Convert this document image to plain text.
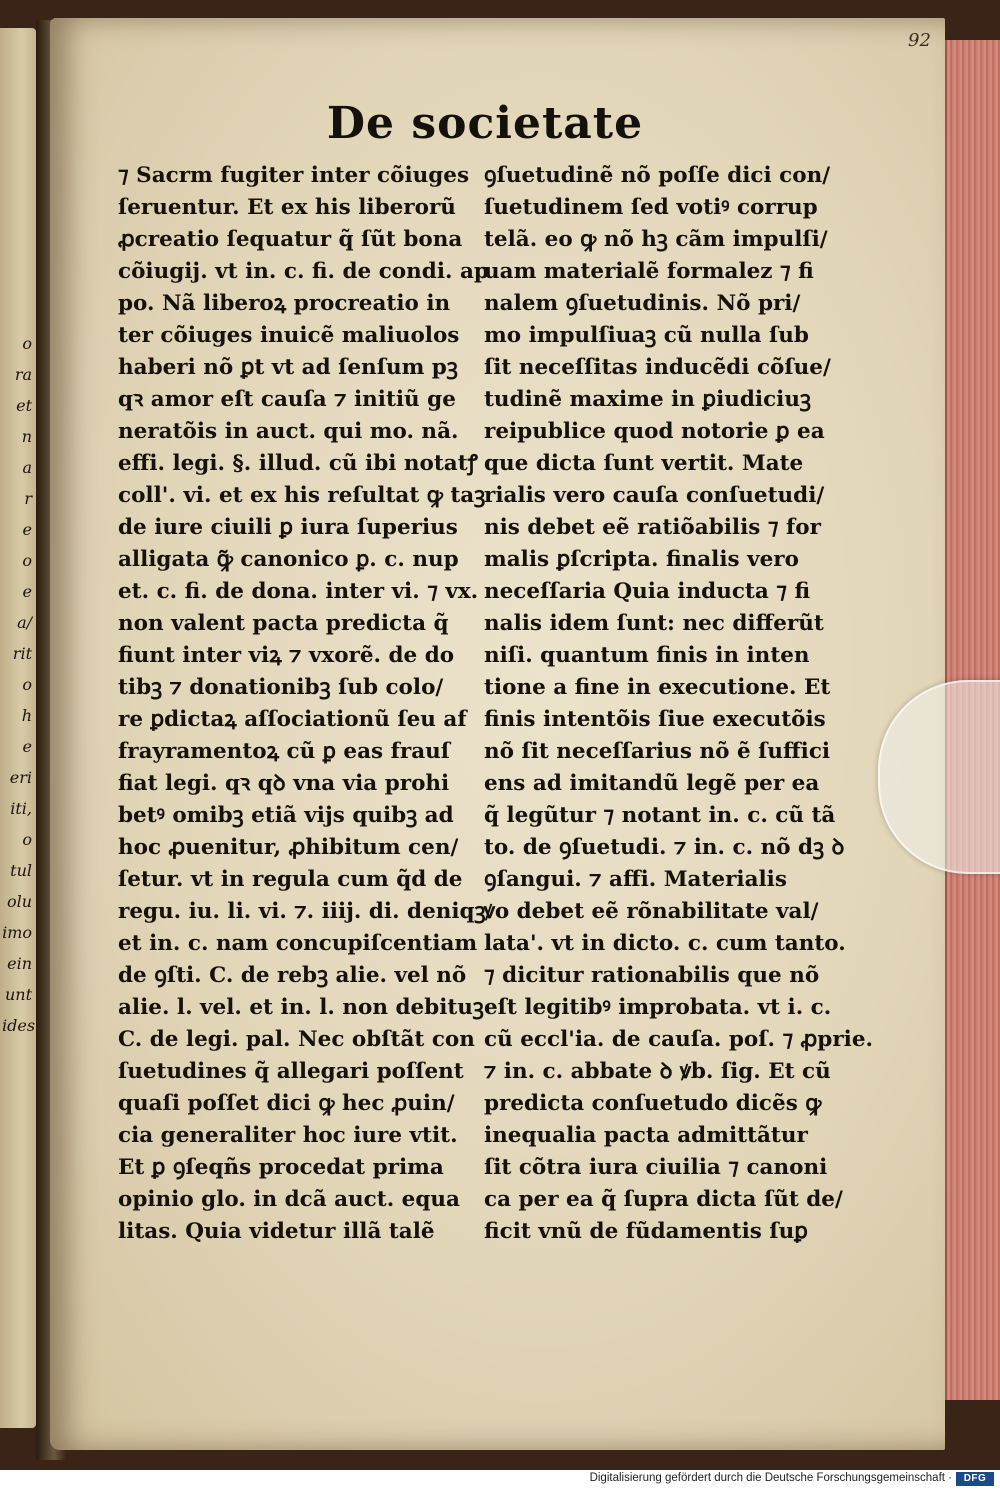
o
ra
et
n
a
r
e
o
e
a/
rit
o
h
e
eri
iti,
o
tul
olu
imo
ein
unt
ides
92
De societate
⁊ Sacrm fugiter inter cõiuges
ſeruentur. Et ex his liberorũ
ꝓcreatio ſequatur q̃ ſũt bona
cõiugij. vt in. c. fi. de condi. ap
po. Nã liberoꝝ procreatio in
ter cõiuges inuicẽ maliuolos
haberi nõ ꝑt vt ad ſenſum pꝫ
qꝛ amor eſt cauſa ⁊ initiũ ge
neratõis in auct. qui mo. nã.
effi. legi. §. illud. cũ ibi notatꝭ
coll'. vi. et ex his reſultat ꝙ taꝫ
de iure ciuili ꝑ iura ſuperius
alligata ꝙ̃ canonico ꝑ. c. nup
et. c. fi. de dona. inter vi. ⁊ vx.
non valent pacta predicta q̃
fiunt inter viꝝ ⁊ vxorẽ. de do
tibꝫ ⁊ donationibꝫ ſub colo/
re ꝑdictaꝝ aſſociationũ ſeu af
frayramentoꝝ cũ ꝑ eas frauſ
fiat legi. qꝛ qꝺ vna via prohi
betꝰ omibꝫ etiã vijs quibꝫ ad
hoc ꝓuenitur, ꝓhibitum cen/
ſetur. vt in regula cum q̃d de
regu. iu. li. vi. ⁊. iiij. di. deniqꝫ
et in. c. nam concupiſcentiam
de ꝯſti. C. de rebꝫ alie. vel nõ
alie. l. vel. et in. l. non debituꝫ
C. de legi. pal. Nec obſtãt con
ſuetudines q̃ allegari poſſent
quaſi poſſet dici ꝙ hec ꝓuin/
cia generaliter hoc iure vtit.
Et ꝑ ꝯſeqñs procedat prima
opinio glo. in dcã auct. equa
litas. Quia videtur illã talẽ
ꝯſuetudinẽ nõ poſſe dici con/
ſuetudinem ſed votiꝰ corrup
telã. eo ꝙ nõ hꝫ cãm impulſi/
uam materialẽ formalez ⁊ fi
nalem ꝯſuetudinis. Nõ pri/
mo impulſiuaꝫ cũ nulla ſub
ſit neceſſitas inducẽdi cõſue/
tudinẽ maxime in ꝑiudiciuꝫ
reipublice quod notorie ꝑ ea
que dicta ſunt vertit. Mate
rialis vero cauſa conſuetudi/
nis debet eẽ ratiõabilis ⁊ for
malis ꝑſcripta. finalis vero
neceſſaria Quia inducta ⁊ fi
nalis idem ſunt: nec differũt
niſi. quantum finis in inten
tione a fine in executione. Et
finis intentõis ſiue executõis
nõ ſit neceſſarius nõ ẽ ſuffici
ens ad imitandũ legẽ per ea
q̃ legũtur ⁊ notant in. c. cũ tã
to. de ꝯſuetudi. ⁊ in. c. nõ dꝫ ꝺ
ꝯſangui. ⁊ affi. Materialis
ꝟo debet eẽ rõnabilitate val/
lata'. vt in dicto. c. cum tanto.
⁊ dicitur rationabilis que nõ
eſt legitibꝰ improbata. vt i. c.
cũ eccl'ia. de cauſa. poſ. ⁊ ꝓprie.
⁊ in. c. abbate ꝺ ꝟb. ſig. Et cũ
predicta conſuetudo dicẽs ꝙ
inequalia pacta admittãtur
ſit cõtra iura ciuilia ⁊ canoni
ca per ea q̃ ſupra dicta ſũt de/
ficit vnũ de fũdamentis ſuꝑ
Digitalisierung gefördert durch die Deutsche Forschungsgemeinschaft ·	DFG
